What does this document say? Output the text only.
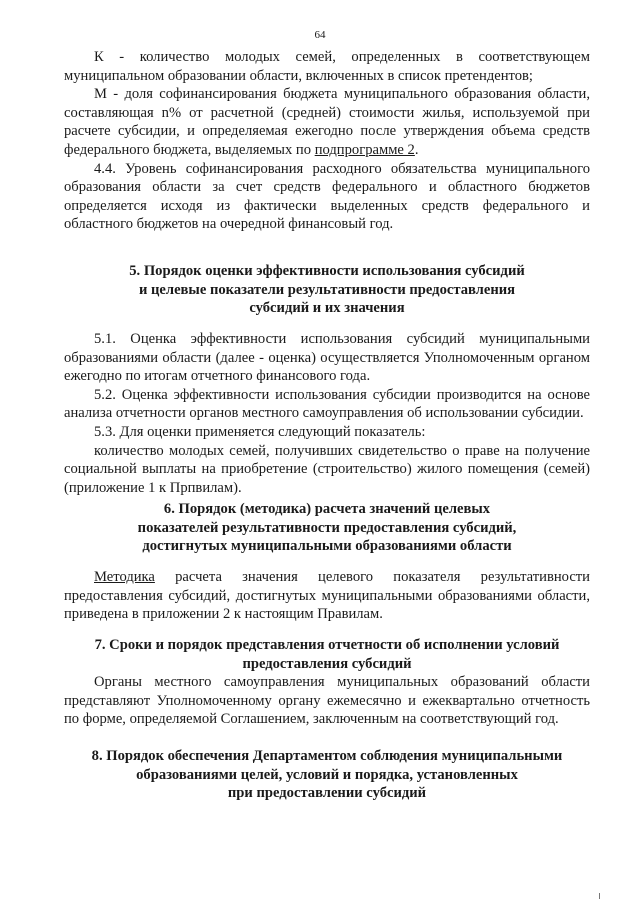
64

К - количество молодых семей, определенных в соответствующем муниципальном образовании области, включенных в список претендентов;

М - доля софинансирования бюджета муниципального образования области, составляющая n% от расчетной (средней) стоимости жилья, используемой при расчете субсидии, и определяемая ежегодно после утверждения объема средств федерального бюджета, выделяемых по подпрограмме 2.

4.4. Уровень софинансирования расходного обязательства муниципального образования области за счет средств федерального и областного бюджетов определяется исходя из фактически выделенных средств федерального и областного бюджетов на очередной финансовый год.

5. Порядок оценки эффективности использования субсидий

и целевые показатели результативности предоставления

субсидий и их значения

5.1. Оценка эффективности использования субсидий муниципальными образованиями области (далее - оценка) осуществляется Уполномоченным органом ежегодно по итогам отчетного финансового года.

5.2. Оценка эффективности использования субсидии производится на основе анализа отчетности органов местного самоуправления об использовании субсидии.

5.3. Для оценки применяется следующий показатель:

количество молодых семей, получивших свидетельство о праве на получение социальной выплаты на приобретение (строительство) жилого помещения (семей) (приложение 1 к Прпвилам).

6. Порядок (методика) расчета значений целевых

показателей результативности предоставления субсидий,

достигнутых муниципальными образованиями области

Методика расчета значения целевого показателя результативности предоставления субсидий, достигнутых муниципальными образованиями области, приведена в приложении 2 к настоящим Правилам.

7. Сроки и порядок представления отчетности об исполнении условий

предоставления субсидий

Органы местного самоуправления муниципальных образований области представляют Уполномоченному органу ежемесячно и ежеквартально отчетность по форме, определяемой Соглашением, заключенным на соответствующий год.

8. Порядок обеспечения Департаментом соблюдения муниципальными

образованиями целей, условий и порядка, установленных

при предоставлении субсидий
